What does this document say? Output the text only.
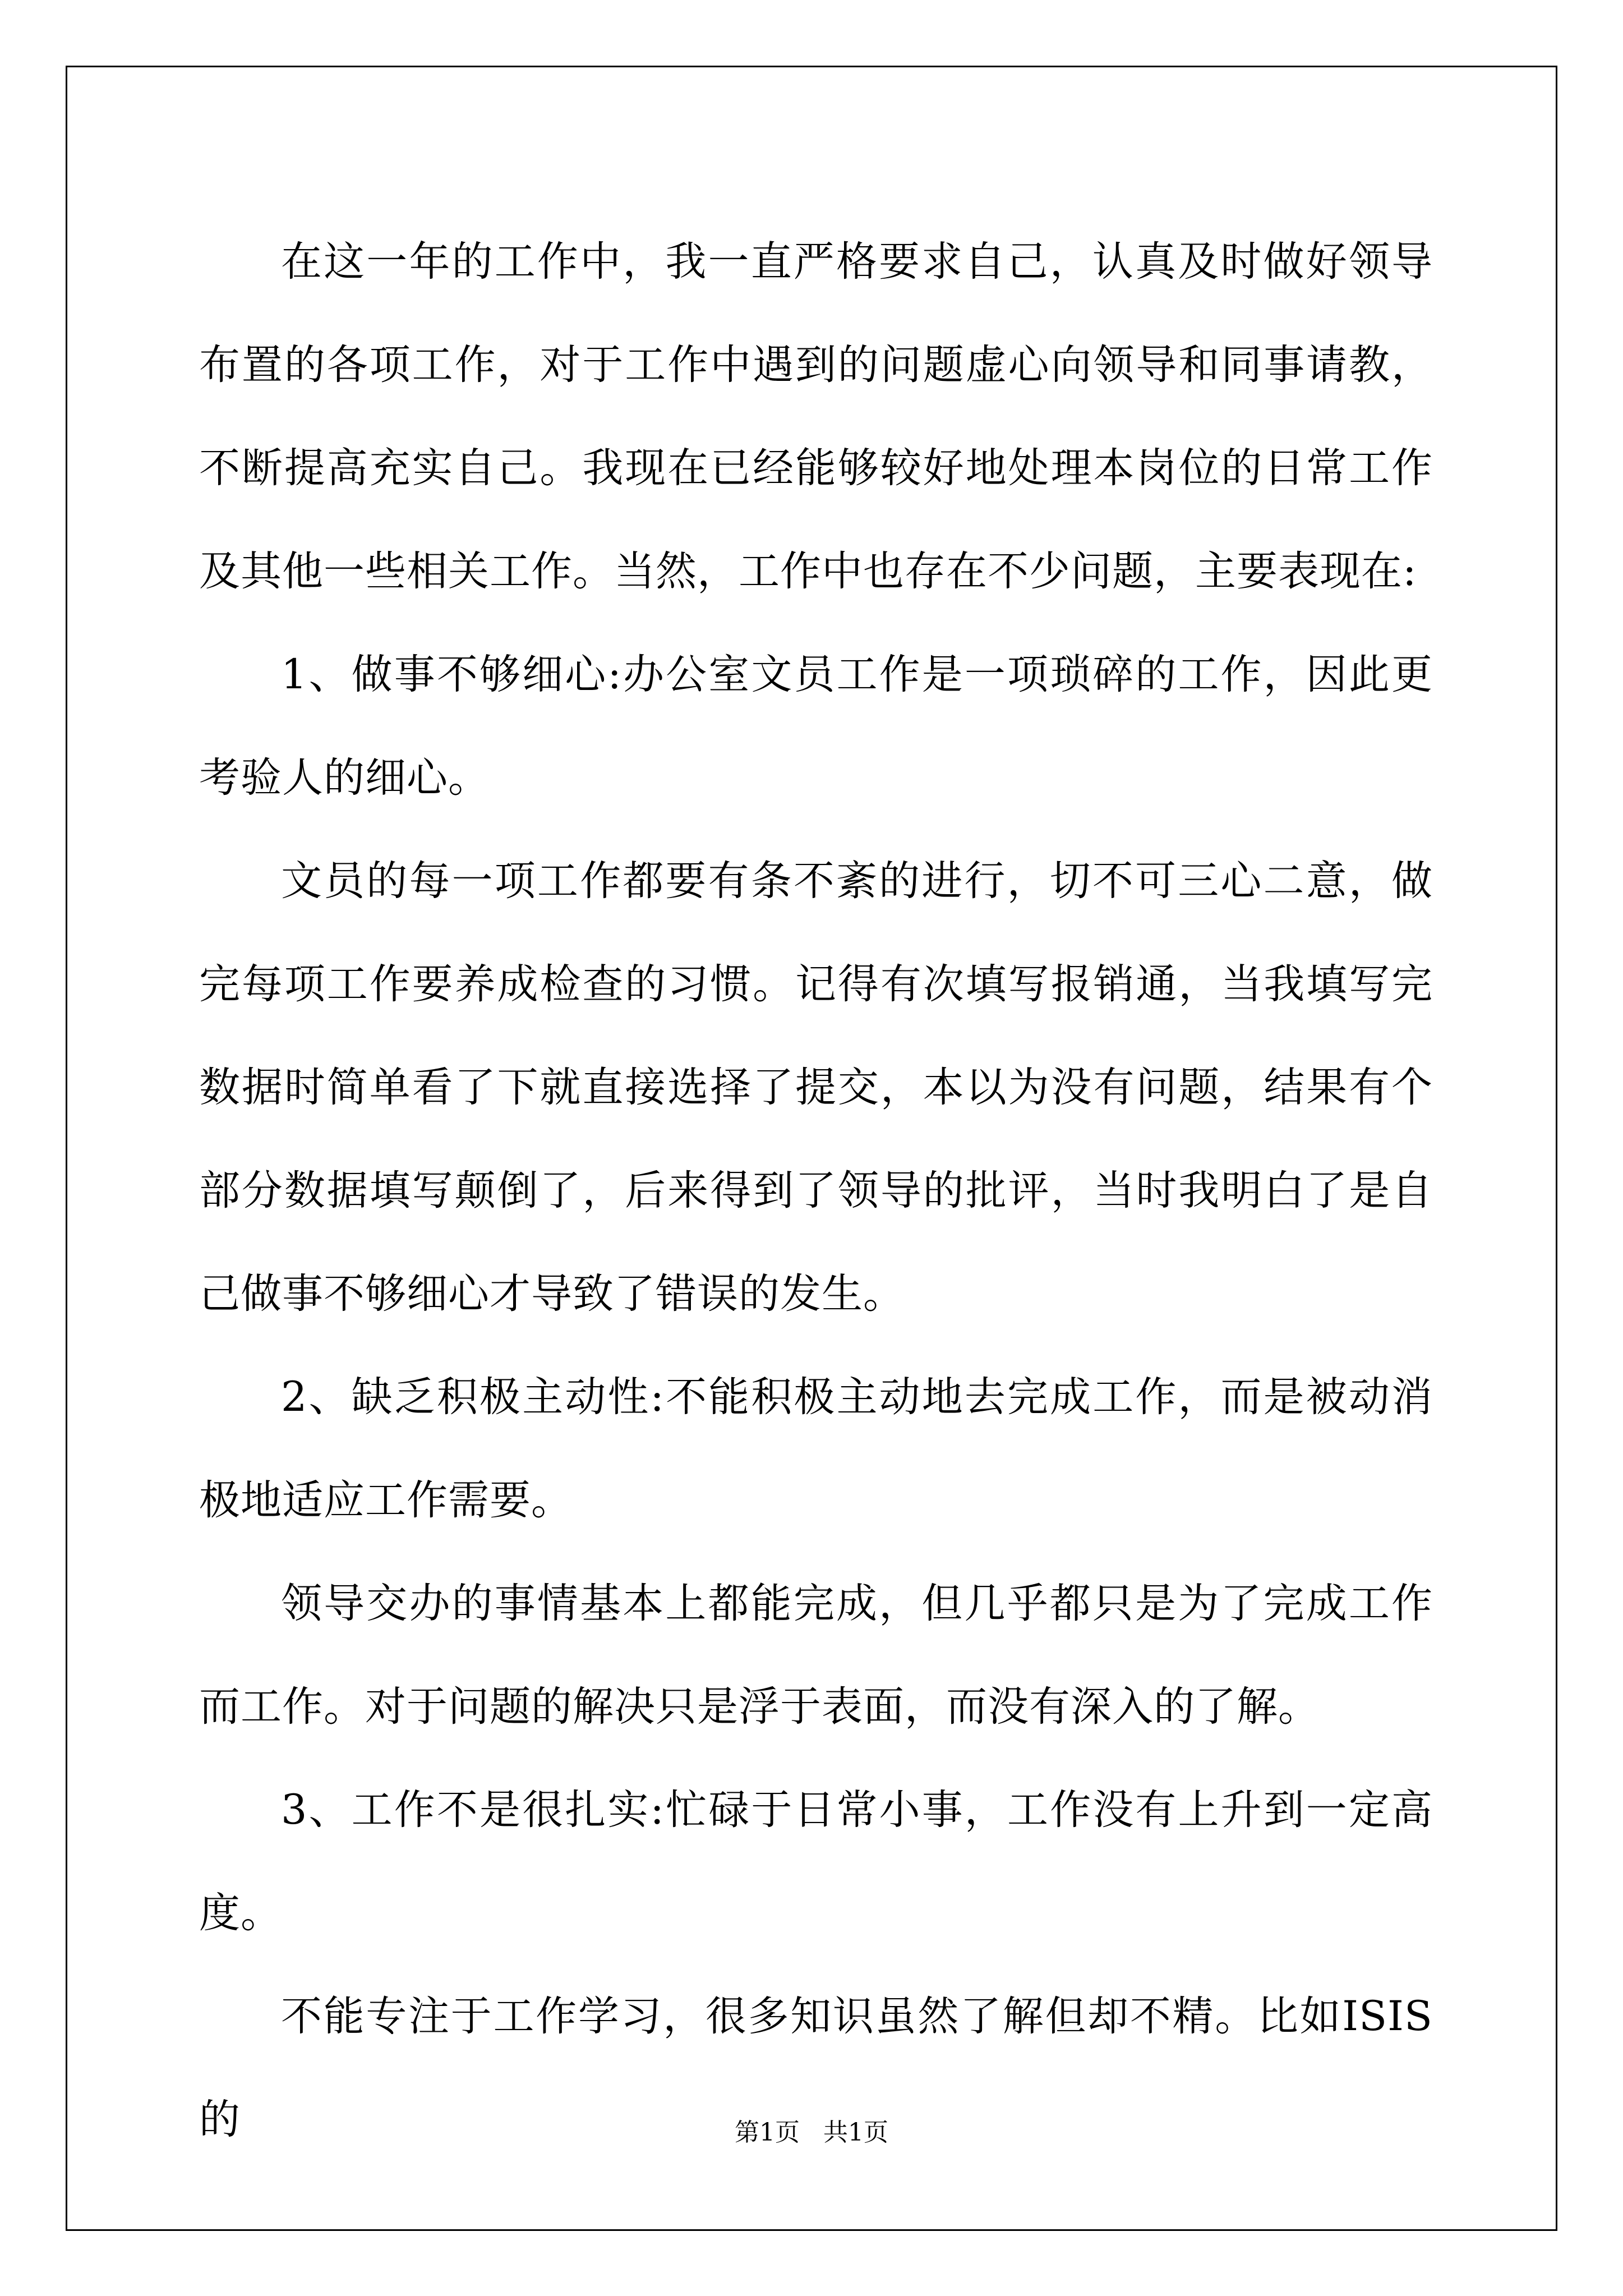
在这一年的工作中，我一直严格要求自己，认真及时做好领导布置的各项工作，对于工作中遇到的问题虚心向领导和同事请教，不断提高充实自己。我现在已经能够较好地处理本岗位的日常工作及其他一些相关工作。当然，工作中也存在不少问题，主要表现在:

1、做事不够细心:办公室文员工作是一项琐碎的工作，因此更考验人的细心。

文员的每一项工作都要有条不紊的进行，切不可三心二意，做完每项工作要养成检查的习惯。记得有次填写报销通，当我填写完数据时简单看了下就直接选择了提交，本以为没有问题，结果有个部分数据填写颠倒了，后来得到了领导的批评，当时我明白了是自己做事不够细心才导致了错误的发生。

2、缺乏积极主动性:不能积极主动地去完成工作，而是被动消极地适应工作需要。

领导交办的事情基本上都能完成，但几乎都只是为了完成工作而工作。对于问题的解决只是浮于表面，而没有深入的了解。

3、工作不是很扎实:忙碌于日常小事，工作没有上升到一定高度。

不能专注于工作学习，很多知识虽然了解但却不精。比如ISIS的	第1页 共1页
